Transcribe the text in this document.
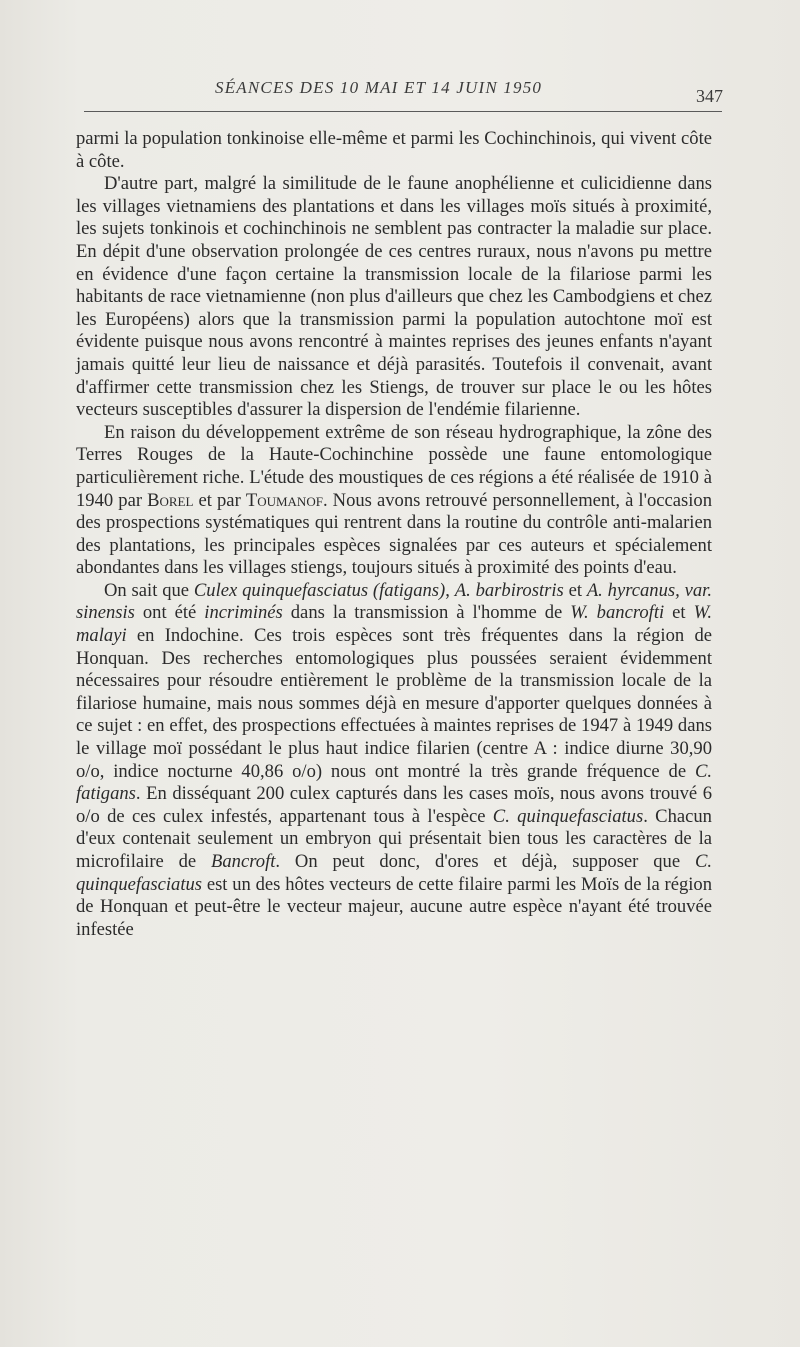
SÉANCES DES 10 MAI ET 14 JUIN 1950	347

parmi la population tonkinoise elle-même et parmi les Cochinchinois, qui vivent côte à côte.

D'autre part, malgré la similitude de le faune anophélienne et culicidienne dans les villages vietnamiens des plantations et dans les villages moïs situés à proximité, les sujets tonkinois et cochinchinois ne semblent pas contracter la maladie sur place. En dépit d'une observation prolongée de ces centres ruraux, nous n'avons pu mettre en évidence d'une façon certaine la transmission locale de la filariose parmi les habitants de race vietnamienne (non plus d'ailleurs que chez les Cambodgiens et chez les Européens) alors que la transmission parmi la population autochtone moï est évidente puisque nous avons rencontré à maintes reprises des jeunes enfants n'ayant jamais quitté leur lieu de naissance et déjà parasités. Toutefois il convenait, avant d'affirmer cette transmission chez les Stiengs, de trouver sur place le ou les hôtes vecteurs susceptibles d'assurer la dispersion de l'endémie filarienne.

En raison du développement extrême de son réseau hydrographique, la zône des Terres Rouges de la Haute-Cochinchine possède une faune entomologique particulièrement riche. L'étude des moustiques de ces régions a été réalisée de 1910 à 1940 par Borel et par Toumanof. Nous avons retrouvé personnellement, à l'occasion des prospections systématiques qui rentrent dans la routine du contrôle anti-malarien des plantations, les principales espèces signalées par ces auteurs et spécialement abondantes dans les villages stiengs, toujours situés à proximité des points d'eau.

On sait que Culex quinquefasciatus (fatigans), A. barbirostris et A. hyrcanus, var. sinensis ont été incriminés dans la transmission à l'homme de W. bancrofti et W. malayi en Indochine. Ces trois espèces sont très fréquentes dans la région de Honquan. Des recherches entomologiques plus poussées seraient évidemment nécessaires pour résoudre entièrement le problème de la transmission locale de la filariose humaine, mais nous sommes déjà en mesure d'apporter quelques données à ce sujet : en effet, des prospections effectuées à maintes reprises de 1947 à 1949 dans le village moï possédant le plus haut indice filarien (centre A : indice diurne 30,90 o/o, indice nocturne 40,86 o/o) nous ont montré la très grande fréquence de C. fatigans. En disséquant 200 culex capturés dans les cases moïs, nous avons trouvé 6 o/o de ces culex infestés, appartenant tous à l'espèce C. quinquefasciatus. Chacun d'eux contenait seulement un embryon qui présentait bien tous les caractères de la microfilaire de Bancroft. On peut donc, d'ores et déjà, supposer que C. quinquefasciatus est un des hôtes vecteurs de cette filaire parmi les Moïs de la région de Honquan et peut-être le vecteur majeur, aucune autre espèce n'ayant été trouvée infestée
